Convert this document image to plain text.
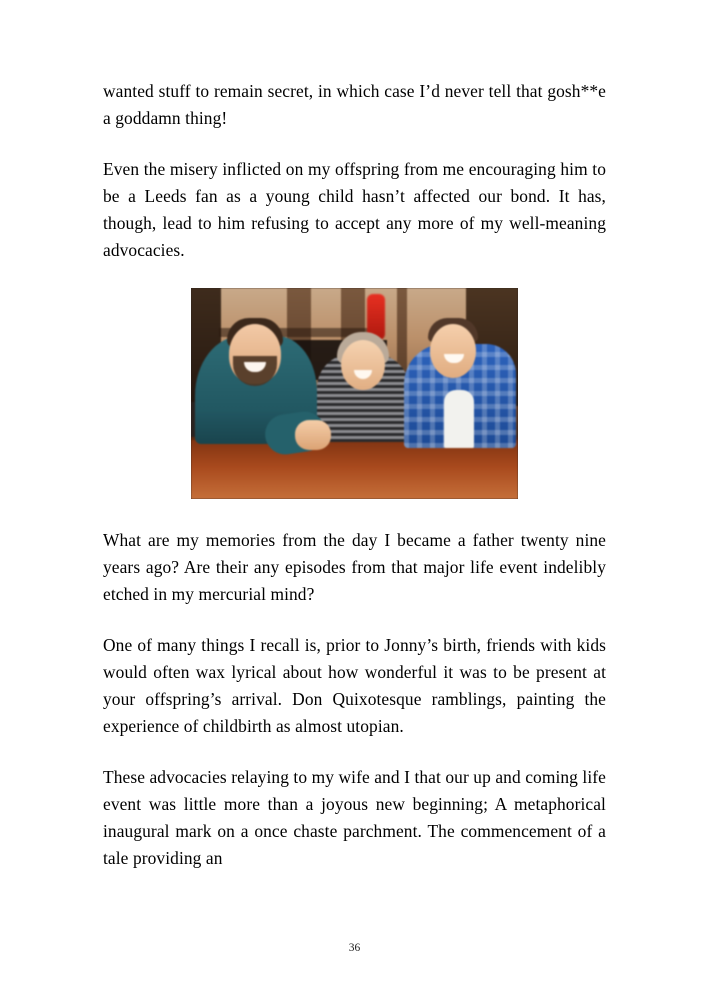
wanted stuff to remain secret, in which case I’d never tell that gosh**e a goddamn thing!

Even the misery inflicted on my offspring from me encouraging him to be a Leeds fan as a young child hasn’t affected our bond. It has, though, lead to him refusing to accept any more of my well-meaning advocacies.

What are my memories from the day I became a father twenty nine years ago? Are their any episodes from that major life event indelibly etched in my mercurial mind?

One of many things I recall is, prior to Jonny’s birth, friends with kids would often wax lyrical about how wonderful it was to be present at your offspring’s arrival. Don Quixotesque ramblings, painting the experience of childbirth as almost utopian.

These advocacies relaying to my wife and I that our up and coming life event was little more than a joyous new beginning; A metaphorical inaugural mark on a once chaste parchment. The commencement of a tale providing an

36
